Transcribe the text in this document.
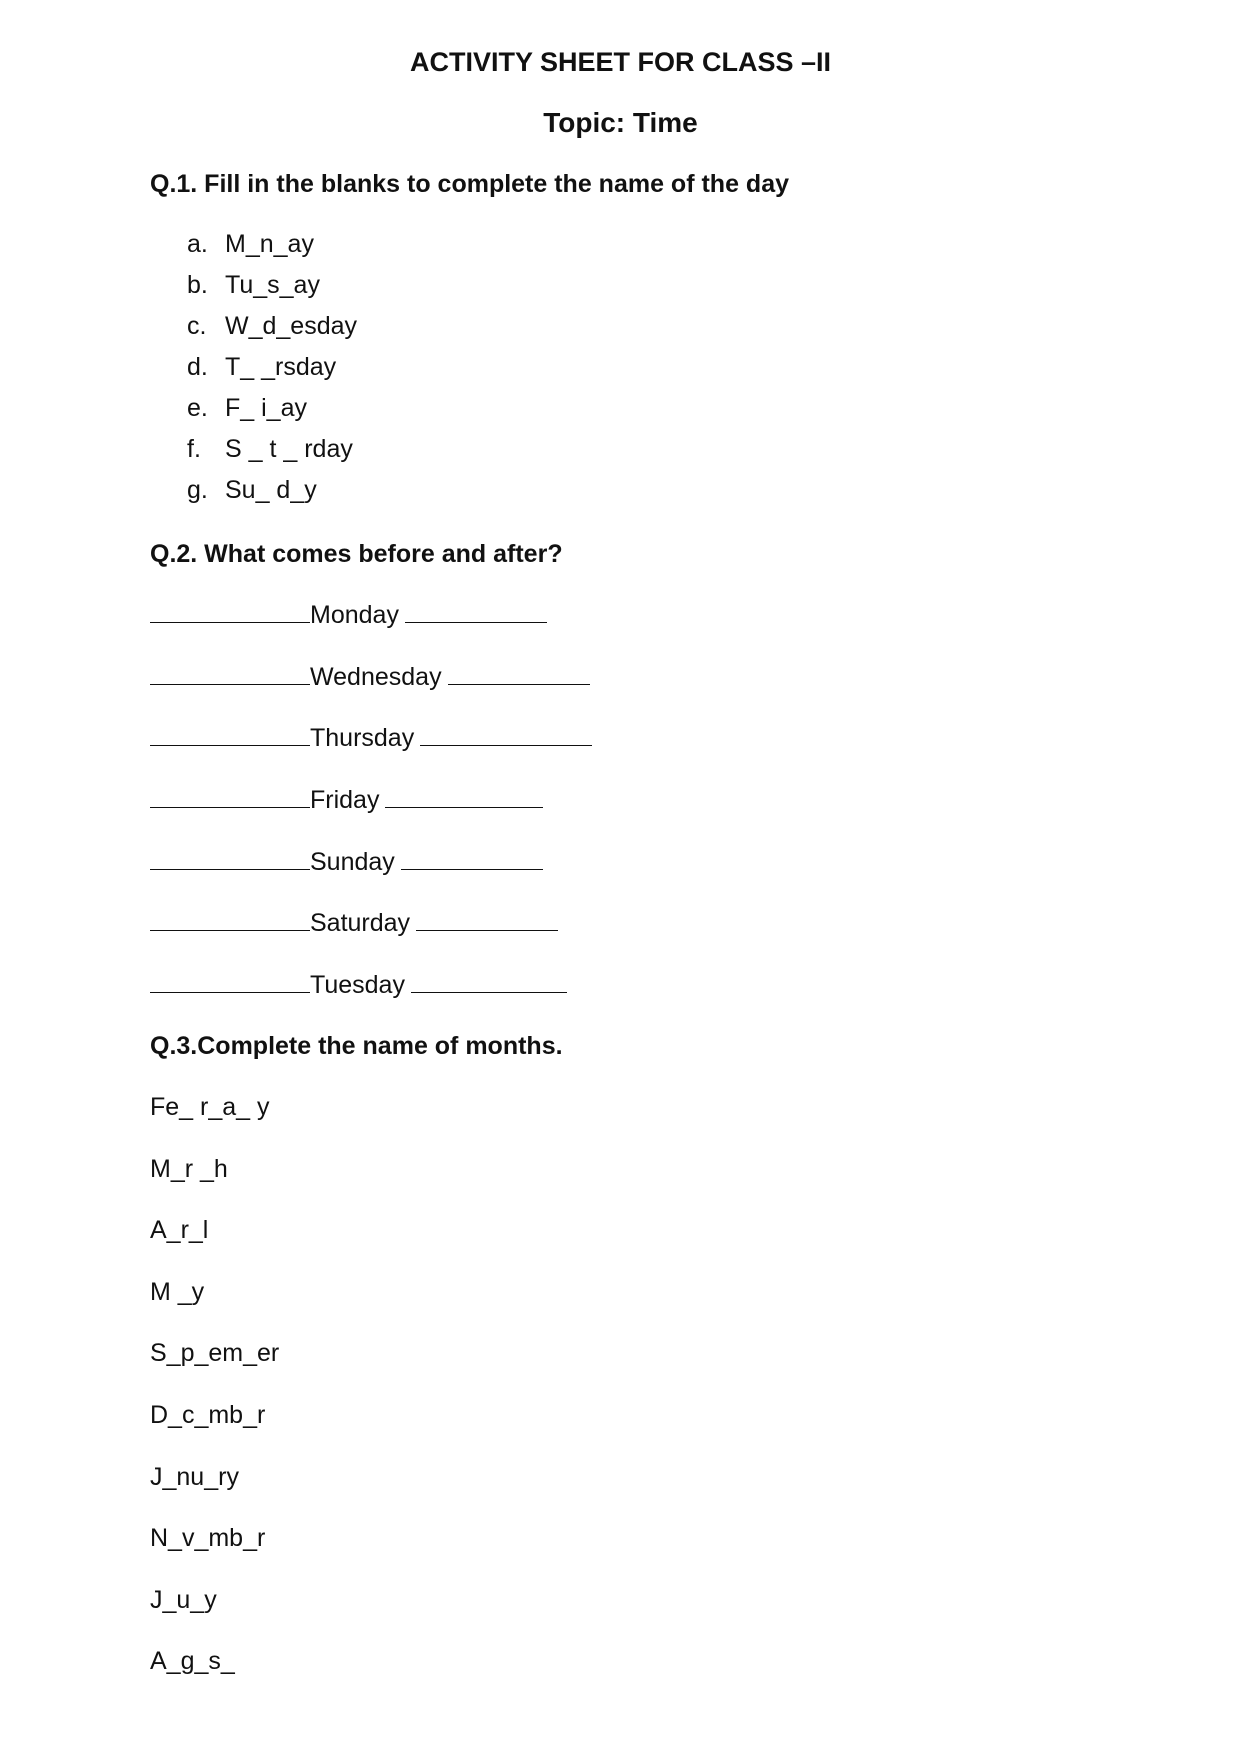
ACTIVITY SHEET FOR CLASS –II
Topic: Time
Q.1. Fill in the blanks to complete the name of the day
a. M_n_ay
b. Tu_s_ay
c. W_d_esday
d. T_ _rsday
e. F_ i_ay
f. S _ t _ rday
g. Su_ d_y
Q.2. What comes before and after?
Monday
Wednesday
Thursday
Friday
Sunday
Saturday
Tuesday
Q.3.Complete the name of months.
Fe_ r_a_ y
M_r _h
A_r_l
M _y
S_p_em_er
D_c_mb_r
J_nu_ry
N_v_mb_r
J_u_y
A_g_s_
